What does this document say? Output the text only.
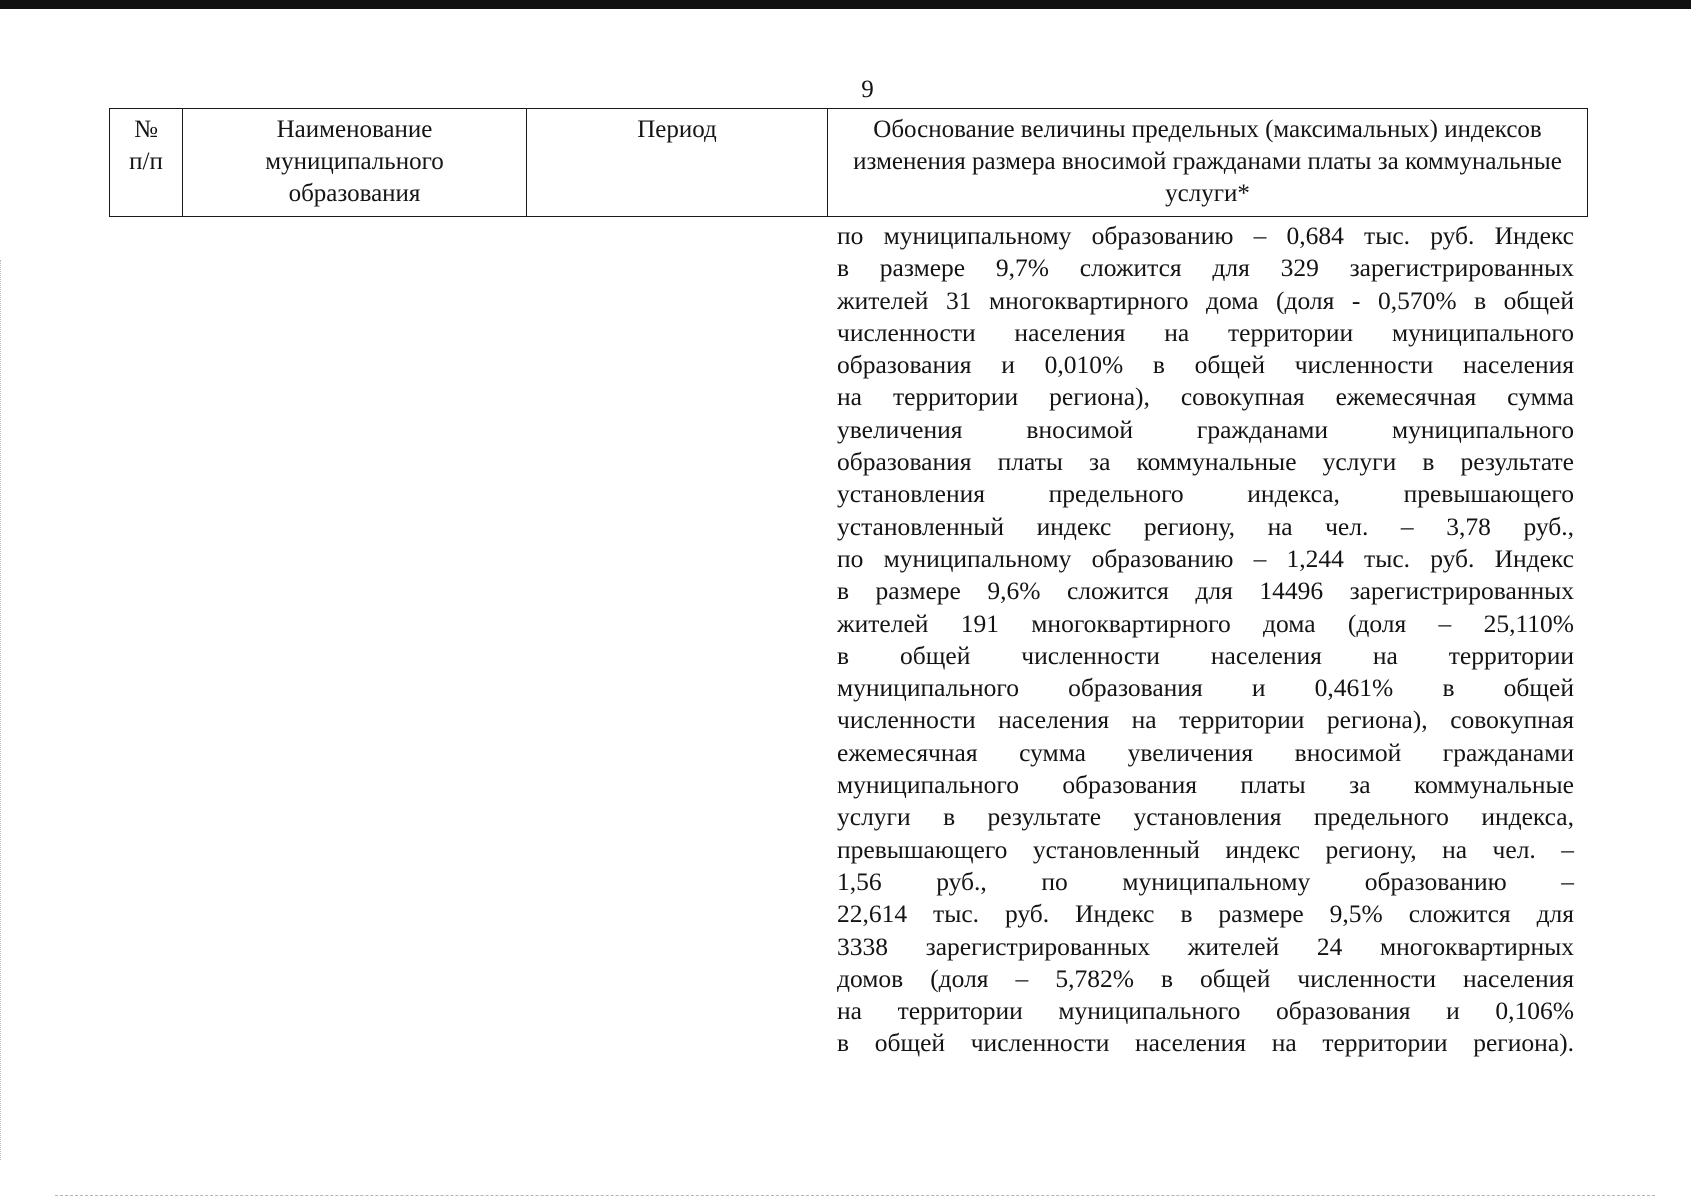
9
№
п/п
Наименование
муниципального
образования
Период	Обоснование величины предельных (максимальных) индексов изменения размера вносимой гражданами платы за коммунальные услуги*
по муниципальному образованию – 0,684 тыс. руб. Индекс
в размере 9,7% сложится для 329 зарегистрированных
жителей 31 многоквартирного дома (доля - 0,570% в общей
численности населения на территории муниципального
образования и 0,010% в общей численности населения
на территории региона), совокупная ежемесячная сумма
увеличения вносимой гражданами муниципального
образования платы за коммунальные услуги в результате
установления предельного индекса, превышающего
установленный индекс региону, на чел. – 3,78 руб.,
по муниципальному образованию – 1,244 тыс. руб. Индекс
в размере 9,6% сложится для 14496 зарегистрированных
жителей 191 многоквартирного дома (доля – 25,110%
в общей численности населения на территории
муниципального образования и 0,461% в общей
численности населения на территории региона), совокупная
ежемесячная сумма увеличения вносимой гражданами
муниципального образования платы за коммунальные
услуги в результате установления предельного индекса,
превышающего установленный индекс региону, на чел. –
1,56 руб., по муниципальному образованию –
22,614 тыс. руб. Индекс в размере 9,5% сложится для
3338 зарегистрированных жителей 24 многоквартирных
домов (доля – 5,782% в общей численности населения
на территории муниципального образования и 0,106%
в общей численности населения на территории региона).
